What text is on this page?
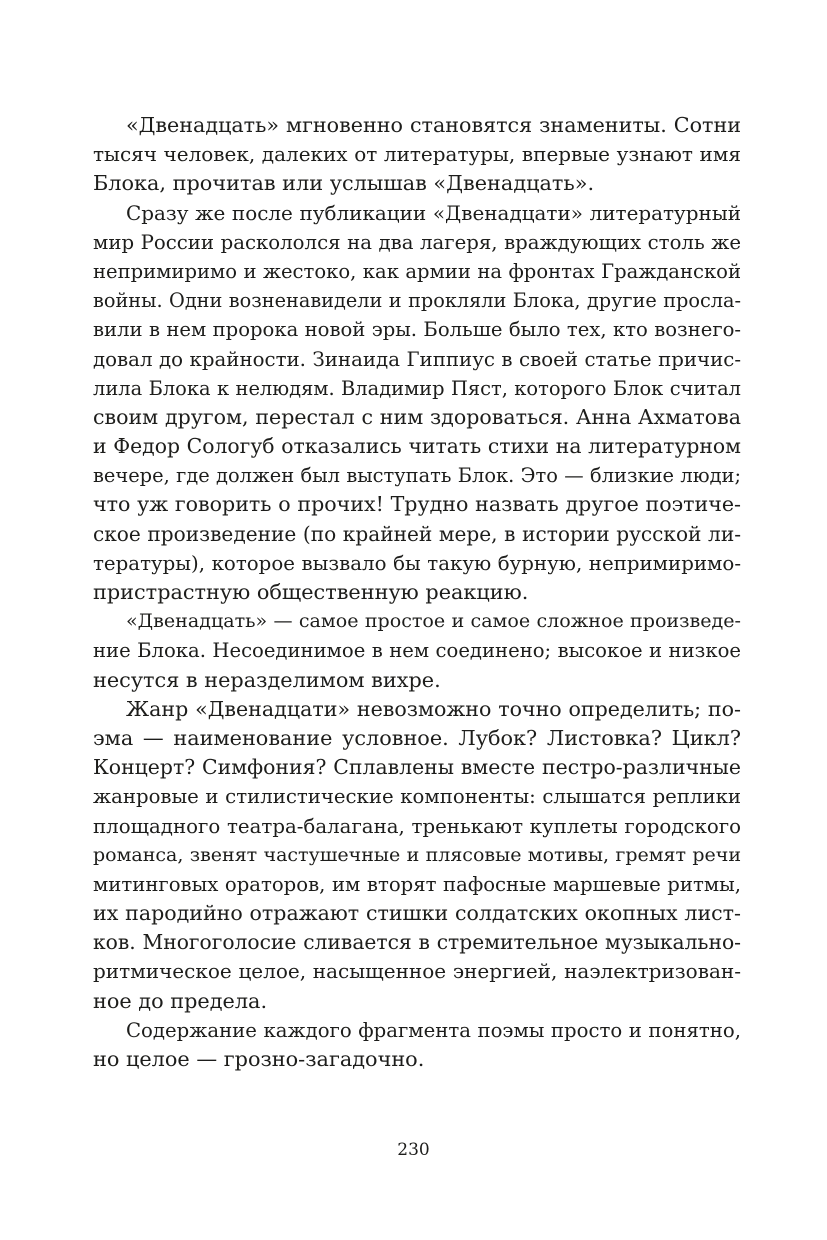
«Двенадцать» мгновенно становятся знамениты. Сотни
тысяч человек, далеких от литературы, впервые узнают имя
Блока, прочитав или услышав «Двенадцать».
Сразу же после публикации «Двенадцати» литературный
мир России раскололся на два лагеря, враждующих столь же
непримиримо и жестоко, как армии на фронтах Гражданской
войны. Одни возненавидели и прокляли Блока, другие просла-
вили в нем пророка новой эры. Больше было тех, кто вознего-
довал до крайности. Зинаида Гиппиус в своей статье причис-
лила Блока к нелюдям. Владимир Пяст, которого Блок считал
своим другом, перестал с ним здороваться. Анна Ахматова
и Федор Сологуб отказались читать стихи на литературном
вечере, где должен был выступать Блок. Это — близкие люди;
что уж говорить о прочих! Трудно назвать другое поэтиче-
ское произведение (по крайней мере, в истории русской ли-
тературы), которое вызвало бы такую бурную, непримиримо-
пристрастную общественную реакцию.
«Двенадцать» — самое простое и самое сложное произведе-
ние Блока. Несоединимое в нем соединено; высокое и низкое
несутся в неразделимом вихре.
Жанр «Двенадцати» невозможно точно определить; по-
эма — наименование условное. Лубок? Листовка? Цикл?
Концерт? Симфония? Сплавлены вместе пестро-различные
жанровые и стилистические компоненты: слышатся реплики
площадного театра-балагана, тренькают куплеты городского
романса, звенят частушечные и плясовые мотивы, гремят речи
митинговых ораторов, им вторят пафосные маршевые ритмы,
их пародийно отражают стишки солдатских окопных лист-
ков. Многоголосие сливается в стремительное музыкально-
ритмическое целое, насыщенное энергией, наэлектризован-
ное до предела.
Содержание каждого фрагмента поэмы просто и понятно,
но целое — грозно-загадочно.
230
